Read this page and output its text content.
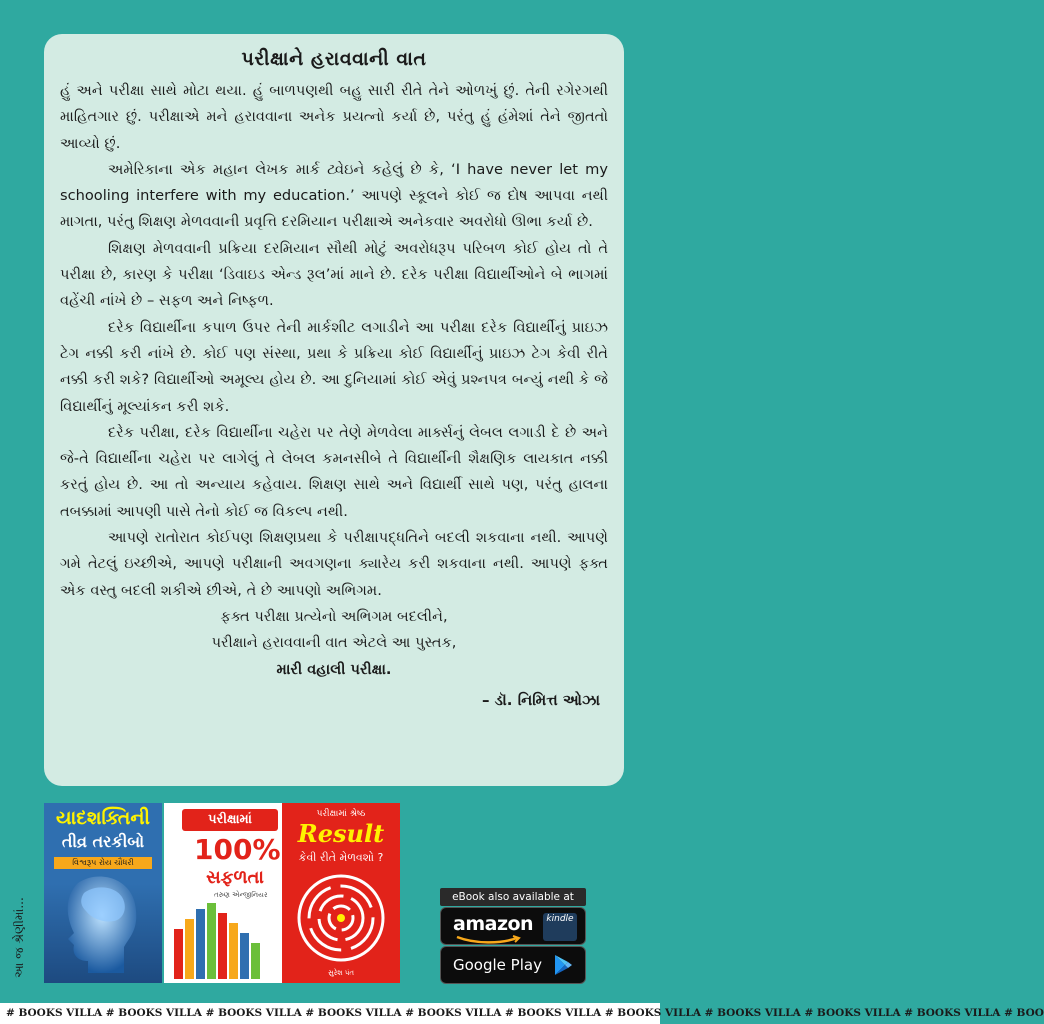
પરીક્ષાને હરાવવાની વાત

હું અને પરીક્ષા સાથે મોટા થયા. હું બાળપણથી બહુ સારી રીતે તેને ઓળખું છું. તેની રગેરગથી માહિતગાર છું. પરીક્ષાએ મને હરાવવાના અનેક પ્રયત્નો કર્યા છે, પરંતુ હું હંમેશાં તેને જીતતો આવ્યો છું.

અમેરિકાના એક મહાન લેખક માર્ક ટ્વેઇને કહેલું છે કે, ‘I have never let my schooling interfere with my education.’ આપણે સ્કૂલને કોઈ જ દોષ આપવા નથી માગતા, પરંતુ શિક્ષણ મેળવવાની પ્રવૃત્તિ દરમિયાન પરીક્ષાએ અનેકવાર અવરોધો ઊભા કર્યા છે.

શિક્ષણ મેળવવાની પ્રક્રિયા દરમિયાન સૌથી મોટું અવરોધરૂપ પરિબળ કોઈ હોય તો તે પરીક્ષા છે, કારણ કે પરીક્ષા ‘ડિવાઇડ એન્ડ રૂલ’માં માને છે. દરેક પરીક્ષા વિદ્યાર્થીઓને બે ભાગમાં વહેંચી નાંખે છે – સફળ અને નિષ્ફળ.

દરેક વિદ્યાર્થીના કપાળ ઉપર તેની માર્કશીટ લગાડીને આ પરીક્ષા દરેક વિદ્યાર્થીનું પ્રાઇઝ ટેગ નક્કી કરી નાંખે છે. કોઈ પણ સંસ્થા, પ્રથા કે પ્રક્રિયા કોઈ વિદ્યાર્થીનું પ્રાઇઝ ટેગ કેવી રીતે નક્કી કરી શકે? વિદ્યાર્થીઓ અમૂલ્ય હોય છે. આ દુનિયામાં કોઈ એવું પ્રશ્નપત્ર બન્યું નથી કે જે વિદ્યાર્થીનું મૂલ્યાંકન કરી શકે.

દરેક પરીક્ષા, દરેક વિદ્યાર્થીના ચહેરા પર તેણે મેળવેલા માર્ક્સનું લેબલ લગાડી દે છે અને જે-તે વિદ્યાર્થીના ચહેરા પર લાગેલું તે લેબલ કમનસીબે તે વિદ્યાર્થીની શૈક્ષણિક લાયકાત નક્કી કરતું હોય છે. આ તો અન્યાય કહેવાય. શિક્ષણ સાથે અને વિદ્યાર્થી સાથે પણ, પરંતુ હાલના તબક્કામાં આપણી પાસે તેનો કોઈ જ વિકલ્પ નથી.

આપણે રાતોરાત કોઈપણ શિક્ષણપ્રથા કે પરીક્ષાપદ્ધતિને બદલી શકવાના નથી. આપણે ગમે તેટલું ઇચ્છીએ, આપણે પરીક્ષાની અવગણના ક્યારેય કરી શકવાના નથી. આપણે ફક્ત એક વસ્તુ બદલી શકીએ છીએ, તે છે આપણો અભિગમ.

ફક્ત પરીક્ષા પ્રત્યેનો અભિગમ બદલીને,

પરીક્ષાને હરાવવાની વાત એટલે આ પુસ્તક,

મારી વહાલી પરીક્ષા.

– ડૉ. નિમિત્ત ઓઝા

આ જ શ્રેણીમાં...
યાદશક્તિની
તીવ્ર તરકીબો
વિશ્વરૂપ રોય ચૌધરી
પરીક્ષામાં
100%
સફળતા
તરુણ એન્જીનિયર
પરીક્ષામાં શ્રેષ્ઠ
Result
કેવી રીતે મેળવશો ?
સુરેશ પંત
eBook also available at
amazon	kindle
Google Play
# BOOKS VILLA # BOOKS VILLA # BOOKS VILLA # BOOKS VILLA # BOOKS VILLA # BOOKS VILLA # BOOKS VILLA # BOOKS VILLA # BOOKS VILLA # BOOKS VILLA # BOO
